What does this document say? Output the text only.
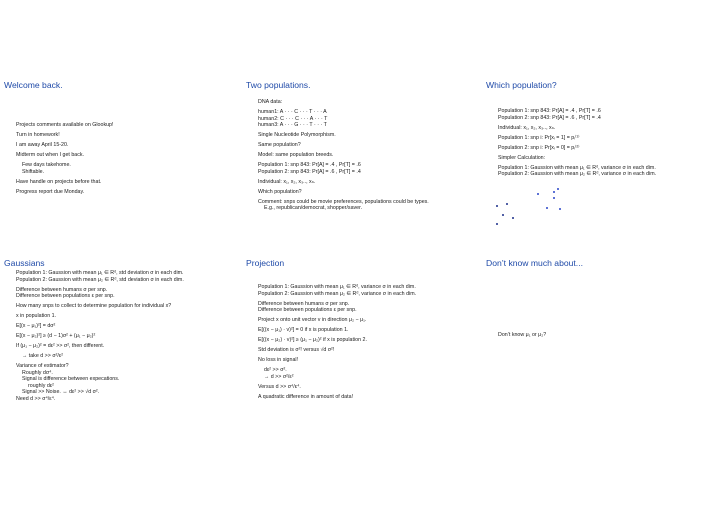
Welcome back.

Projects comments available on Glookup!

Turn in homework!

I am away April 15-20.

Midterm out when I get back.

Few days takehome.

Shiftable.

Have handle on projects before that.

Progress report due Monday.

Two populations.

DNA data:

human1: A · · · C · · · T · · · A

human2: C · · · C · · · A · · · T

human3: A · · · G · · · T · · · T

Single Nucleotide Polymorphism.

Same population?

Model: same population breeds.

Population 1: snp 843: Pr[A] = .4 , Pr[T] = .6

Population 2: snp 843: Pr[A] = .6 , Pr[T] = .4

Individual: x₁, x₂, x₃.., xₙ.

Which population?

Comment: snps could be movie preferences, populations could be types.

E.g., republican/democrat, shopper/saver.

Which population?

Population 1: snp 843: Pr[A] = .4 , Pr[T] = .6

Population 2: snp 843: Pr[A] = .6 , Pr[T] = .4

Individual: x₁, x₂, x₃.., xₙ.

Population 1: snp i: Pr[xᵢ = 1] = pᵢ⁽¹⁾

Population 2: snp i: Pr[xᵢ = 0] = pᵢ⁽²⁾

Simpler Calculation:

Population 1: Gaussion with mean μ₁ ∈ Rᵈ, variance σ in each dim.

Population 2: Gaussion with mean μ₂ ∈ Rᵈ, variance σ in each dim.

Gaussians

Population 1: Gaussion with mean μ₁ ∈ Rᵈ, std deviation σ in each dim.

Population 2: Gaussion with mean μ₂ ∈ Rᵈ, std deviation σ in each dim.

Difference between humans σ per snp.

Difference between populations ε per snp.

How many snps to collect to determine population for individual x?

x in population 1.

E[(x − μ₁)²] = dσ²

E[(x − μ₂)²] ≥ (d − 1)σ² + (μ₁ − μ₂)²

If (μ₁ − μ₂)² = dε² >> σ², then different.

→ take d >> σ²/ε²

Variance of estimator?

Roughly dσ⁴.

Signal is difference between expecations.

roughly dε²

Signal >> Noise. ↔ dε² >> √d σ².

Need d >> σ⁴/ε⁴.

Projection

Population 1: Gaussion with mean μ₁ ∈ Rᵈ, variance σ in each dim.

Population 2: Gaussion with mean μ₂ ∈ Rᵈ, variance σ in each dim.

Difference between humans σ per snp.

Difference between populations ε per snp.

Project x onto unit vector v in direction μ₂ − μ₁.

E[((x − μ₁) · v)²] = 0 if x is population 1.

E[((x − μ₂) · v)²] ≥ (μ₁ − μ₂)² if x is population 2.

Std deviation is σ²! versus √d σ²!

No loss in signal!

dε² >> σ².

→ d >> σ²/ε²

Versus d >> σ⁴/ε⁴.

A quadratic difference in amount of data!

Don’t know much about...

Don’t know μ₁ or μ₂?
